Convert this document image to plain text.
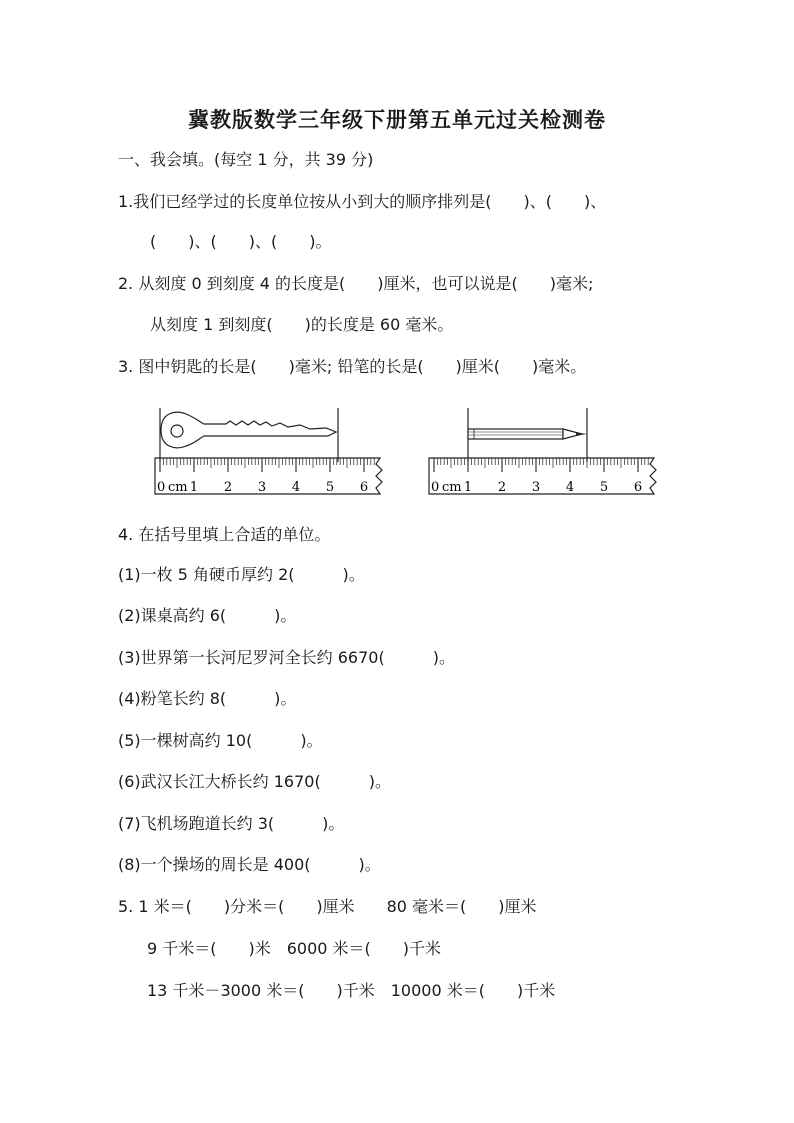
冀教版数学三年级下册第五单元过关检测卷
一、我会填。(每空 1 分，共 39 分)
1.我们已经学过的长度单位按从小到大的顺序排列是(　　)、(　　)、
(　　)、(　　)、(　　)。
2. 从刻度 0 到刻度 4 的长度是(　　)厘米，也可以说是(　　)毫米;
从刻度 1 到刻度(　　)的长度是 60 毫米。
3. 图中钥匙的长是(　　)毫米; 铅笔的长是(　　)厘米(　　)毫米。
0 cm 1 2 3 4 5 6	0 cm 1 2 3 4 5 6
4. 在括号里填上合适的单位。
(1)一枚 5 角硬币厚约 2(　　　)。
(2)课桌高约 6(　　　)。
(3)世界第一长河尼罗河全长约 6670(　　　)。
(4)粉笔长约 8(　　　)。
(5)一棵树高约 10(　　　)。
(6)武汉长江大桥长约 1670(　　　)。
(7)飞机场跑道长约 3(　　　)。
(8)一个操场的周长是 400(　　　)。
5. 1 米＝(　　)分米＝(　　)厘米　　80 毫米＝(　　)厘米
9 千米＝(　　)米　6000 米＝(　　)千米
13 千米－3000 米＝(　　)千米　10000 米＝(　　)千米
